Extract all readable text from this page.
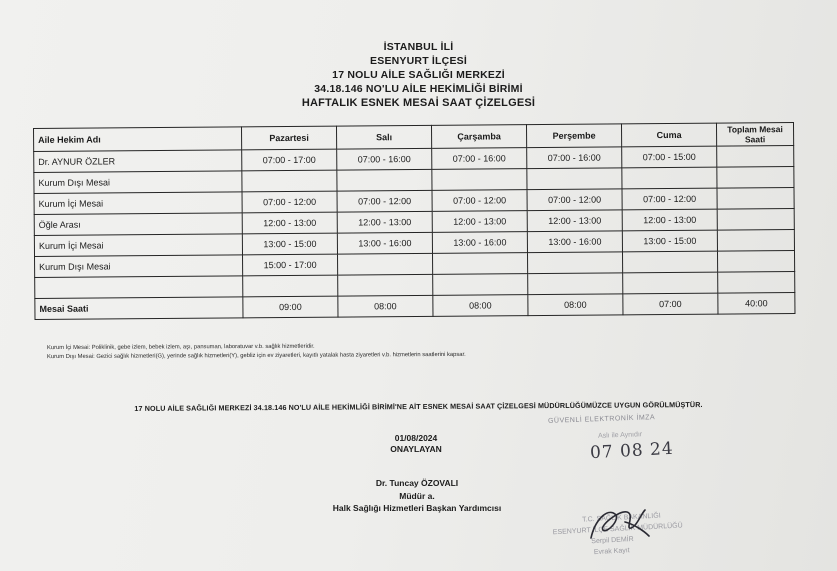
İSTANBUL İLİ
ESENYURT İLÇESİ
17 NOLU AİLE SAĞLIĞI MERKEZİ
34.18.146 NO'LU AİLE HEKİMLİĞİ BİRİMİ
HAFTALIK ESNEK MESAİ SAAT ÇİZELGESİ
Aile Hekim Adı	Pazartesi	Salı	Çarşamba	Perşembe	Cuma	Toplam Mesai Saati

Dr. AYNUR ÖZLER	07:00 - 17:00	07:00 - 16:00	07:00 - 16:00	07:00 - 16:00	07:00 - 15:00	
Kurum Dışı Mesai						
Kurum İçi Mesai	07:00 - 12:00	07:00 - 12:00	07:00 - 12:00	07:00 - 12:00	07:00 - 12:00	
Öğle Arası	12:00 - 13:00	12:00 - 13:00	12:00 - 13:00	12:00 - 13:00	12:00 - 13:00	
Kurum İçi Mesai	13:00 - 15:00	13:00 - 16:00	13:00 - 16:00	13:00 - 16:00	13:00 - 15:00	
Kurum Dışı Mesai	15:00 - 17:00					

Mesai Saati	09:00	08:00	08:00	08:00	07:00	40:00
Kurum İçi Mesai: Poliklinik, gebe izlem, bebek izlem, aşı, pansuman, laboratuvar v.b. sağlık hizmetleridir.
Kurum Dışı Mesai: Gezici sağlık hizmetleri(G), yerinde sağlık hizmetleri(Y), gebliz için ev ziyaretleri, kayıtlı yatalak hasta ziyaretleri v.b. hizmetlerin saatlerini kapsar.
17 NOLU AİLE SAĞLIĞI MERKEZİ 34.18.146 NO'LU AİLE HEKİMLİĞİ BİRİMİ'NE AİT ESNEK MESAİ SAAT ÇİZELGESİ MÜDÜRLÜĞÜMÜZCE UYGUN GÖRÜLMÜŞTÜR.
01/08/2024
ONAYLAYAN
Dr. Tuncay ÖZOVALI
Müdür a.
Halk Sağlığı Hizmetleri Başkan Yardımcısı
GÜVENLİ ELEKTRONİK İMZA
Aslı ile Aynıdır
07 08 24
T.C. SAĞLIK BAKANLIĞI
ESENYURT İLÇE SAĞLIK MÜDÜRLÜĞÜ
Serpil DEMİR
Evrak Kayıt
